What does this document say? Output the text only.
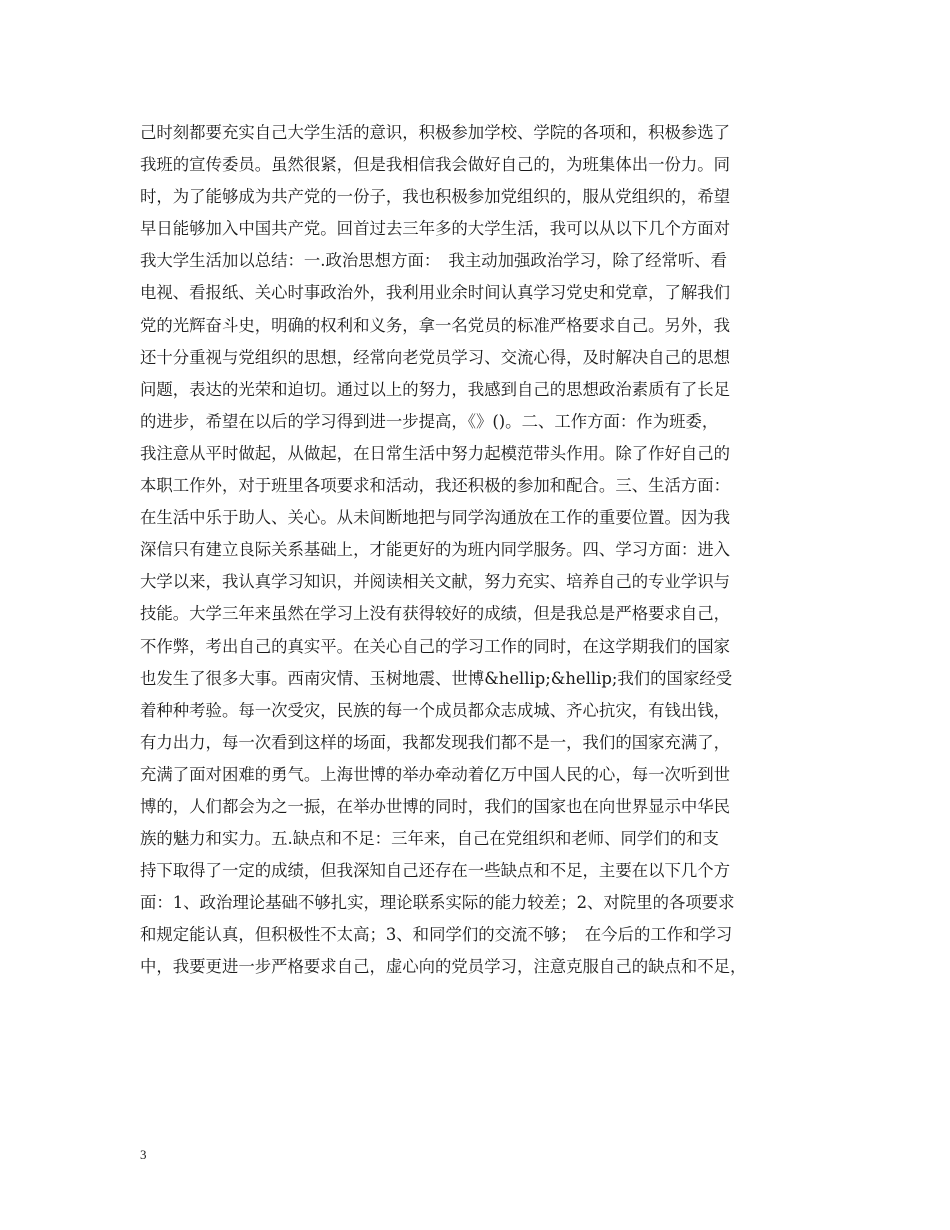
己时刻都要充实自己大学生活的意识，积极参加学校、学院的各项和，积极参选了
我班的宣传委员。虽然很紧，但是我相信我会做好自己的，为班集体出一份力。同
时，为了能够成为共产党的一份子，我也积极参加党组织的，服从党组织的，希望
早日能够加入中国共产党。回首过去三年多的大学生活，我可以从以下几个方面对
我大学生活加以总结：一.政治思想方面：　我主动加强政治学习，除了经常听、看
电视、看报纸、关心时事政治外，我利用业余时间认真学习党史和党章，了解我们
党的光辉奋斗史，明确的权利和义务，拿一名党员的标准严格要求自己。另外，我
还十分重视与党组织的思想，经常向老党员学习、交流心得，及时解决自己的思想
问题，表达的光荣和迫切。通过以上的努力，我感到自己的思想政治素质有了长足
的进步，希望在以后的学习得到进一步提高，《》()。二、工作方面：作为班委，
我注意从平时做起，从做起，在日常生活中努力起模范带头作用。除了作好自己的
本职工作外，对于班里各项要求和活动，我还积极的参加和配合。三、生活方面：
在生活中乐于助人、关心。从未间断地把与同学沟通放在工作的重要位置。因为我
深信只有建立良际关系基础上，才能更好的为班内同学服务。四、学习方面：进入
大学以来，我认真学习知识，并阅读相关文献，努力充实、培养自己的专业学识与
技能。大学三年来虽然在学习上没有获得较好的成绩，但是我总是严格要求自己，
不作弊，考出自己的真实平。在关心自己的学习工作的同时，在这学期我们的国家
也发生了很多大事。西南灾情、玉树地震、世博&hellip;&hellip;我们的国家经受
着种种考验。每一次受灾，民族的每一个成员都众志成城、齐心抗灾，有钱出钱，
有力出力，每一次看到这样的场面，我都发现我们都不是一，我们的国家充满了，
充满了面对困难的勇气。上海世博的举办牵动着亿万中国人民的心，每一次听到世
博的，人们都会为之一振，在举办世博的同时，我们的国家也在向世界显示中华民
族的魅力和实力。五.缺点和不足：三年来，自己在党组织和老师、同学们的和支
持下取得了一定的成绩，但我深知自己还存在一些缺点和不足，主要在以下几个方
面：1、政治理论基础不够扎实，理论联系实际的能力较差；2、对院里的各项要求
和规定能认真，但积极性不太高；3、和同学们的交流不够；　在今后的工作和学习
中，我要更进一步严格要求自己，虚心向的党员学习，注意克服自己的缺点和不足，
3
